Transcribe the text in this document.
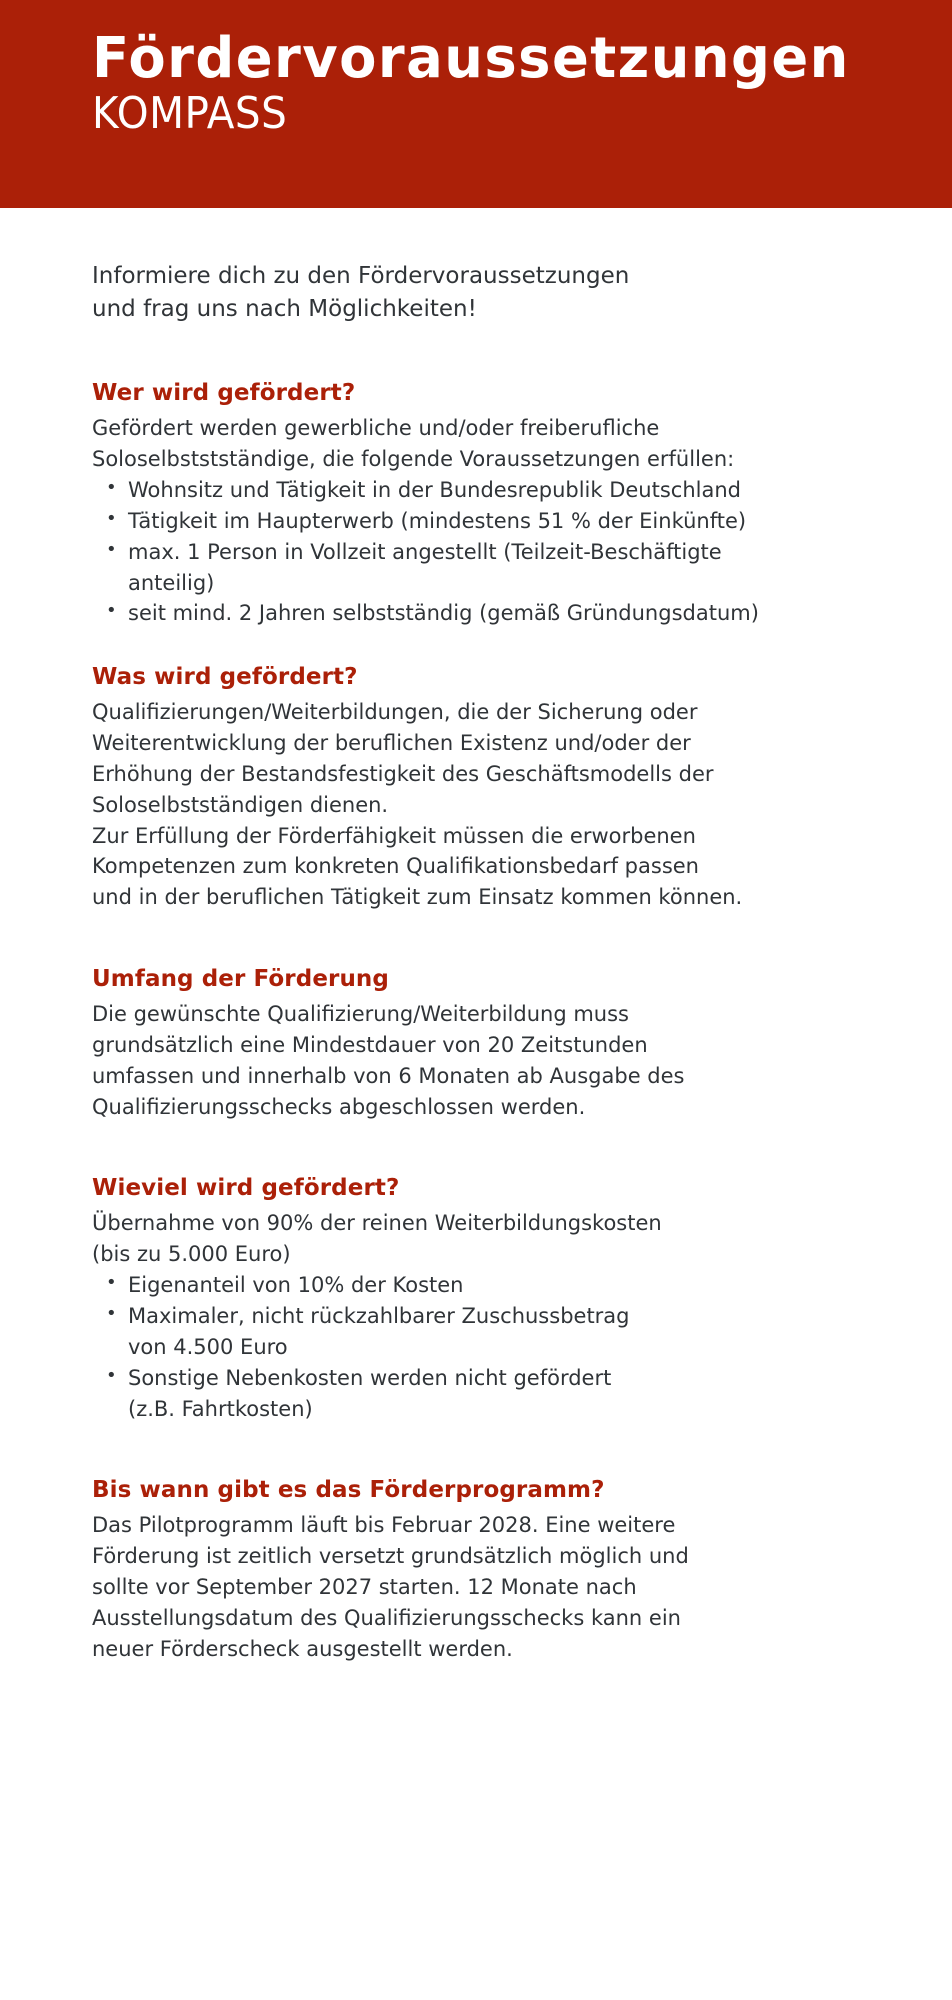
Fördervoraussetzungen
KOMPASS

Informiere dich zu den Fördervoraussetzungen
und frag uns nach Möglichkeiten!

Wer wird gefördert?

Gefördert werden gewerbliche und/oder freiberufliche
Soloselbststständige, die folgende Voraussetzungen erfüllen:

• Wohnsitz und Tätigkeit in der Bundesrepublik Deutschland
• Tätigkeit im Haupterwerb (mindestens 51 % der Einkünfte)
• max. 1 Person in Vollzeit angestellt (Teilzeit-Beschäftigte
anteilig)
• seit mind. 2 Jahren selbstständig (gemäß Gründungsdatum)
Was wird gefördert?

Qualifizierungen/Weiterbildungen, die der Sicherung oder
Weiterentwicklung der beruflichen Existenz und/oder der
Erhöhung der Bestandsfestigkeit des Geschäftsmodells der
Soloselbstständigen dienen.
Zur Erfüllung der Förderfähigkeit müssen die erworbenen
Kompetenzen zum konkreten Qualifikationsbedarf passen
und in der beruflichen Tätigkeit zum Einsatz kommen können.

Umfang der Förderung

Die gewünschte Qualifizierung/Weiterbildung muss
grundsätzlich eine Mindestdauer von 20 Zeitstunden
umfassen und innerhalb von 6 Monaten ab Ausgabe des
Qualifizierungsschecks abgeschlossen werden.

Wieviel wird gefördert?

Übernahme von 90% der reinen Weiterbildungskosten
(bis zu 5.000 Euro)

• Eigenanteil von 10% der Kosten
• Maximaler, nicht rückzahlbarer Zuschussbetrag
von 4.500 Euro
• Sonstige Nebenkosten werden nicht gefördert
(z.B. Fahrtkosten)
Bis wann gibt es das Förderprogramm?

Das Pilotprogramm läuft bis Februar 2028. Eine weitere
Förderung ist zeitlich versetzt grundsätzlich möglich und
sollte vor September 2027 starten. 12 Monate nach
Ausstellungsdatum des Qualifizierungsschecks kann ein
neuer Förderscheck ausgestellt werden.
